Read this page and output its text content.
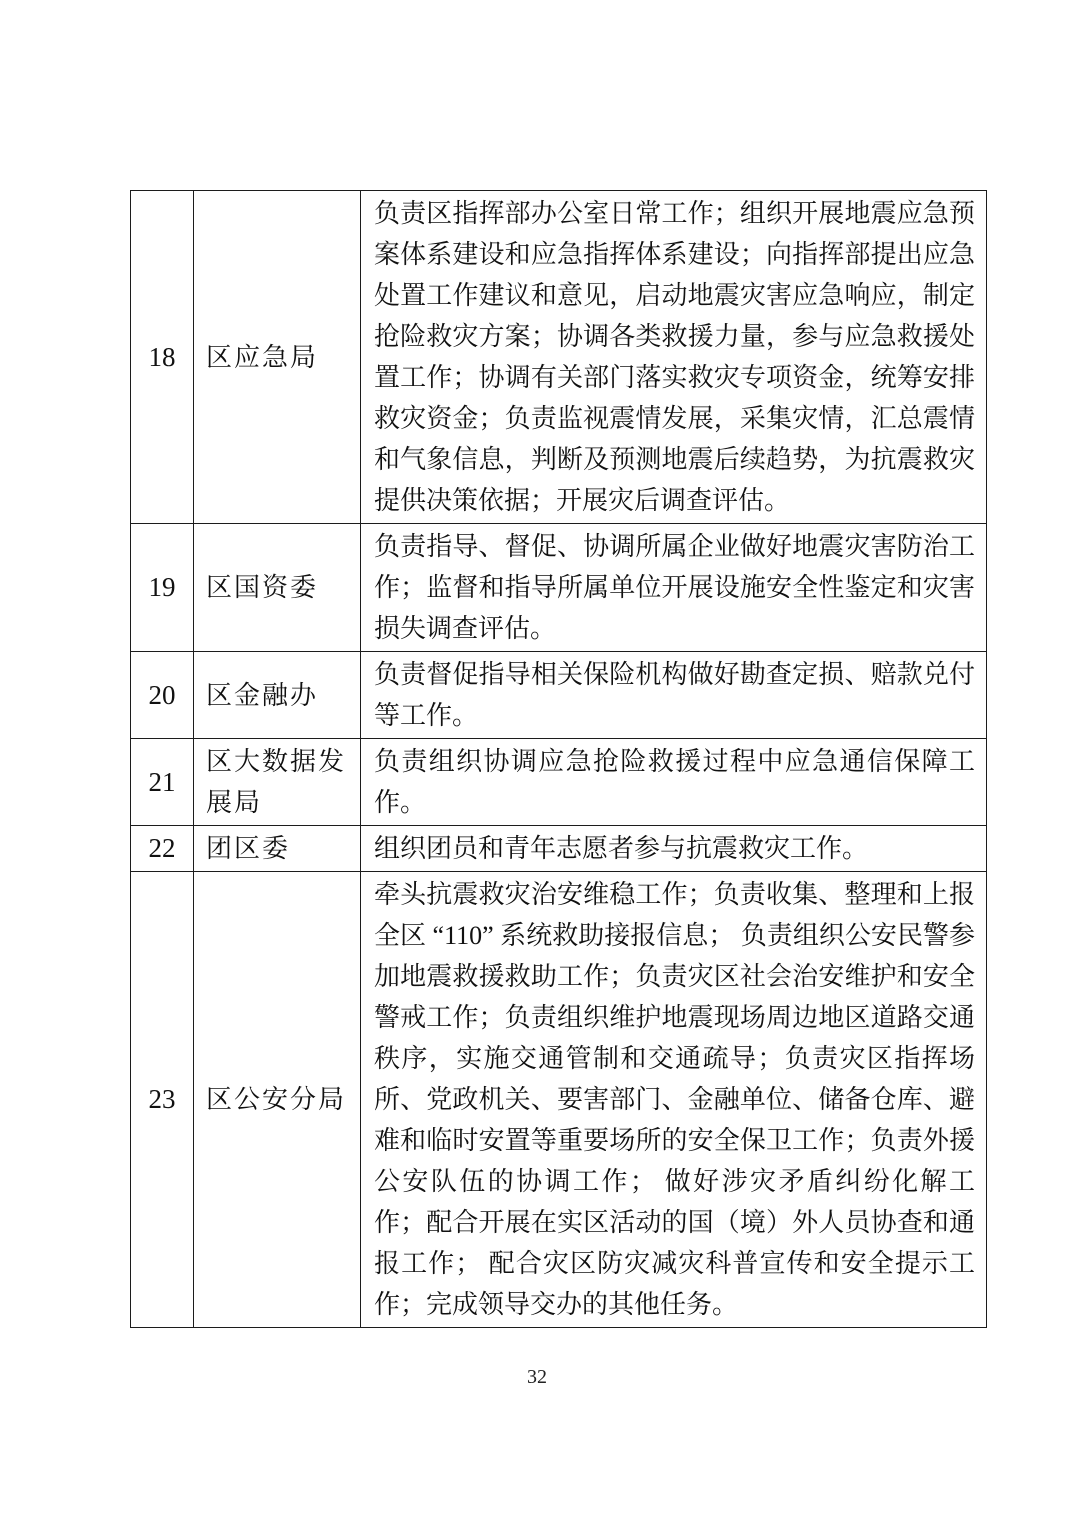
18	区应急局	负责区指挥部办公室日常工作；组织开展地震应急预案体系建设和应急指挥体系建设；向指挥部提出应急处置工作建议和意见，启动地震灾害应急响应，制定抢险救灾方案；协调各类救援力量，参与应急救援处置工作；协调有关部门落实救灾专项资金，统筹安排救灾资金；负责监视震情发展，采集灾情，汇总震情和气象信息，判断及预测地震后续趋势，为抗震救灾提供决策依据；开展灾后调查评估。
19	区国资委	负责指导、督促、协调所属企业做好地震灾害防治工作；监督和指导所属单位开展设施安全性鉴定和灾害损失调查评估。
20	区金融办	负责督促指导相关保险机构做好勘查定损、赔款兑付等工作。
21	区大数据发展局	负责组织协调应急抢险救援过程中应急通信保障工作。
22	团区委	组织团员和青年志愿者参与抗震救灾工作。
23	区公安分局	牵头抗震救灾治安维稳工作；负责收集、整理和上报全区 “110” 系统救助接报信息； 负责组织公安民警参加地震救援救助工作；负责灾区社会治安维护和安全警戒工作；负责组织维护地震现场周边地区道路交通秩序，实施交通管制和交通疏导；负责灾区指挥场所、党政机关、要害部门、金融单位、储备仓库、避难和临时安置等重要场所的安全保卫工作；负责外援公安队伍的协调工作； 做好涉灾矛盾纠纷化解工作；配合开展在实区活动的国（境）外人员协查和通报工作； 配合灾区防灾减灾科普宣传和安全提示工作；完成领导交办的其他任务。
32
